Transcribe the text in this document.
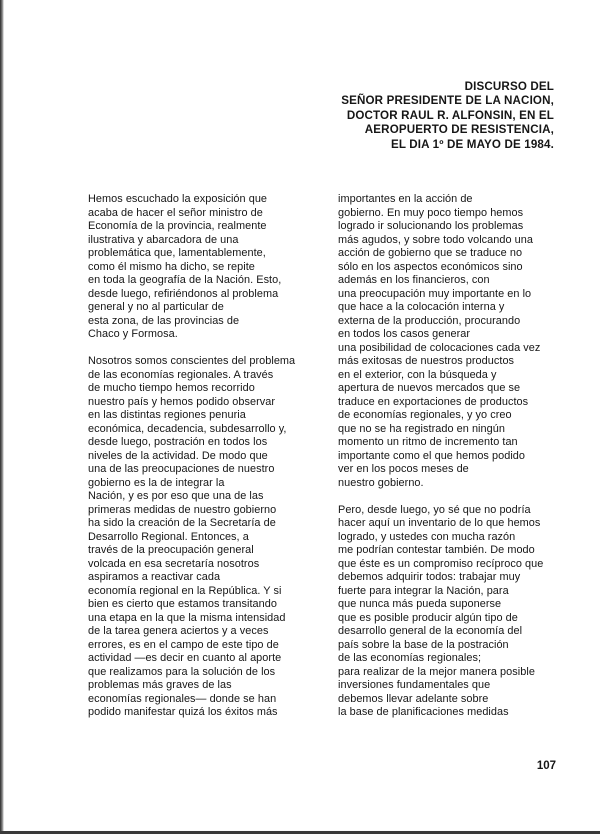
DISCURSO DEL
SEÑOR PRESIDENTE DE LA NACION,
DOCTOR RAUL R. ALFONSIN, EN EL
AEROPUERTO DE RESISTENCIA,
EL DIA 1º DE MAYO DE 1984.
Hemos escuchado la exposición que
acaba de hacer el señor ministro de
Economía de la provincia, realmente
ilustrativa y abarcadora de una
problemática que, lamentablemente,
como él mismo ha dicho, se repite
en toda la geografía de la Nación. Esto,
desde luego, refiriéndonos al problema
general y no al particular de
esta zona, de las provincias de
Chaco y Formosa.
Nosotros somos conscientes del problema
de las economías regionales. A través
de mucho tiempo hemos recorrido
nuestro país y hemos podido observar
en las distintas regiones penuria
económica, decadencia, subdesarrollo y,
desde luego, postración en todos los
niveles de la actividad. De modo que
una de las preocupaciones de nuestro
gobierno es la de integrar la
Nación, y es por eso que una de las
primeras medidas de nuestro gobierno
ha sido la creación de la Secretaría de
Desarrollo Regional. Entonces, a
través de la preocupación general
volcada en esa secretaría nosotros
aspiramos a reactivar cada
economía regional en la República. Y si
bien es cierto que estamos transitando
una etapa en la que la misma intensidad
de la tarea genera aciertos y a veces
errores, es en el campo de este tipo de
actividad —es decir en cuanto al aporte
que realizamos para la solución de los
problemas más graves de las
economías regionales— donde se han
podido manifestar quizá los éxitos más
importantes en la acción de
gobierno. En muy poco tiempo hemos
logrado ir solucionando los problemas
más agudos, y sobre todo volcando una
acción de gobierno que se traduce no
sólo en los aspectos económicos sino
además en los financieros, con
una preocupación muy importante en lo
que hace a la colocación interna y
externa de la producción, procurando
en todos los casos generar
una posibilidad de colocaciones cada vez
más exitosas de nuestros productos
en el exterior, con la búsqueda y
apertura de nuevos mercados que se
traduce en exportaciones de productos
de economías regionales, y yo creo
que no se ha registrado en ningún
momento un ritmo de incremento tan
importante como el que hemos podido
ver en los pocos meses de
nuestro gobierno.
Pero, desde luego, yo sé que no podría
hacer aquí un inventario de lo que hemos
logrado, y ustedes con mucha razón
me podrían contestar también. De modo
que éste es un compromiso recíproco que
debemos adquirir todos: trabajar muy
fuerte para integrar la Nación, para
que nunca más pueda suponerse
que es posible producir algún tipo de
desarrollo general de la economía del
país sobre la base de la postración
de las economías regionales;
para realizar de la mejor manera posible
inversiones fundamentales que
debemos llevar adelante sobre
la base de planificaciones medidas
107
